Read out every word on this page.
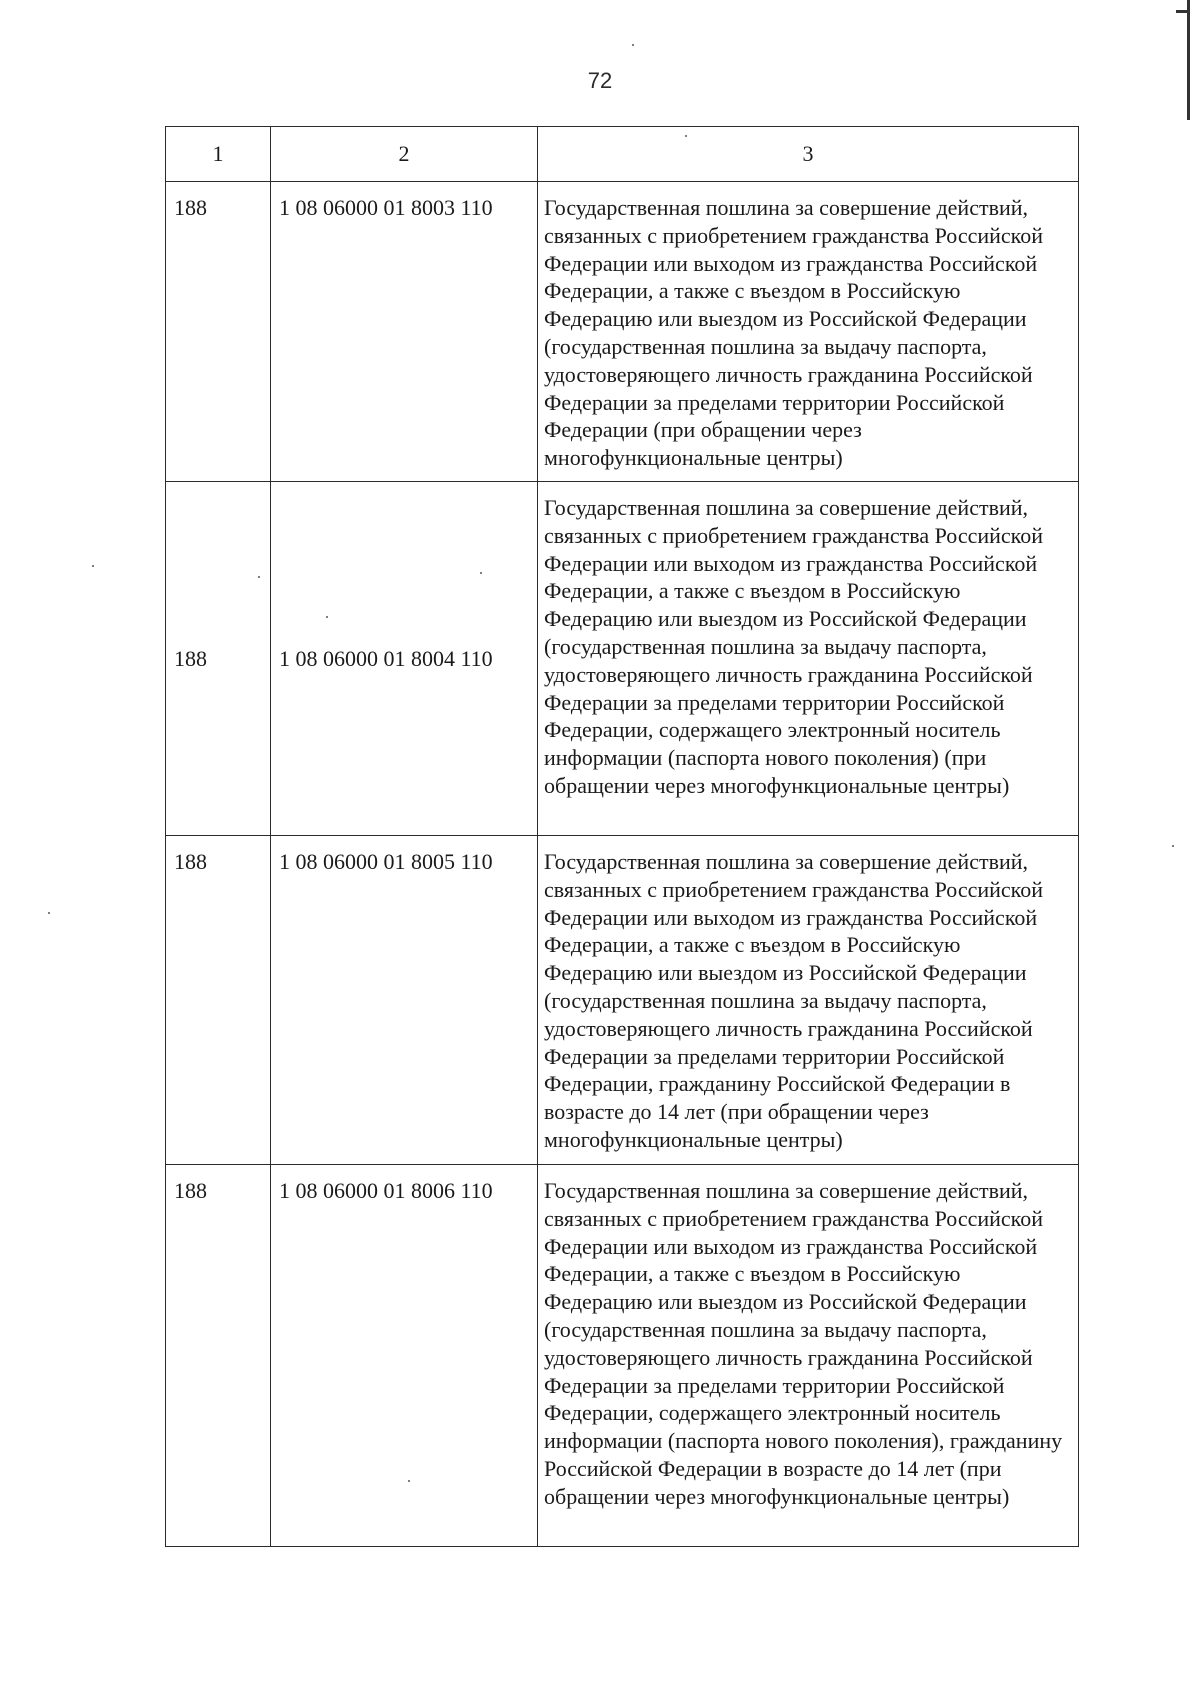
72
1	2	3
188	1 08 06000 01 8003 110	Государственная пошлина за совершение действий, связанных с приобретением гражданства Российской Федерации или выходом из гражданства Российской Федерации, а также с въездом в Российскую Федерацию или выездом из Российской Федерации (государственная пошлина за выдачу паспорта, удостоверяющего личность гражданина Российской Федерации за пределами территории Российской Федерации (при обращении через многофункциональные центры)
188	1 08 06000 01 8004 110	Государственная пошлина за совершение действий, связанных с приобретением гражданства Российской Федерации или выходом из гражданства Российской Федерации, а также с въездом в Российскую Федерацию или выездом из Российской Федерации (государственная пошлина за выдачу паспорта, удостоверяющего личность гражданина Российской Федерации за пределами территории Российской Федерации, содержащего электронный носитель информации (паспорта нового поколения) (при обращении через многофункциональные центры)
188	1 08 06000 01 8005 110	Государственная пошлина за совершение действий, связанных с приобретением гражданства Российской Федерации или выходом из гражданства Российской Федерации, а также с въездом в Российскую Федерацию или выездом из Российской Федерации (государственная пошлина за выдачу паспорта, удостоверяющего личность гражданина Российской Федерации за пределами территории Российской Федерации, гражданину Российской Федерации в возрасте до 14 лет (при обращении через многофункциональные центры)
188	1 08 06000 01 8006 110	Государственная пошлина за совершение действий, связанных с приобретением гражданства Российской Федерации или выходом из гражданства Российской Федерации, а также с въездом в Российскую Федерацию или выездом из Российской Федерации (государственная пошлина за выдачу паспорта, удостоверяющего личность гражданина Российской Федерации за пределами территории Российской Федерации, содержащего электронный носитель информации (паспорта нового поколения), гражданину Российской Федерации в возрасте до 14 лет (при обращении через многофункциональные центры)
